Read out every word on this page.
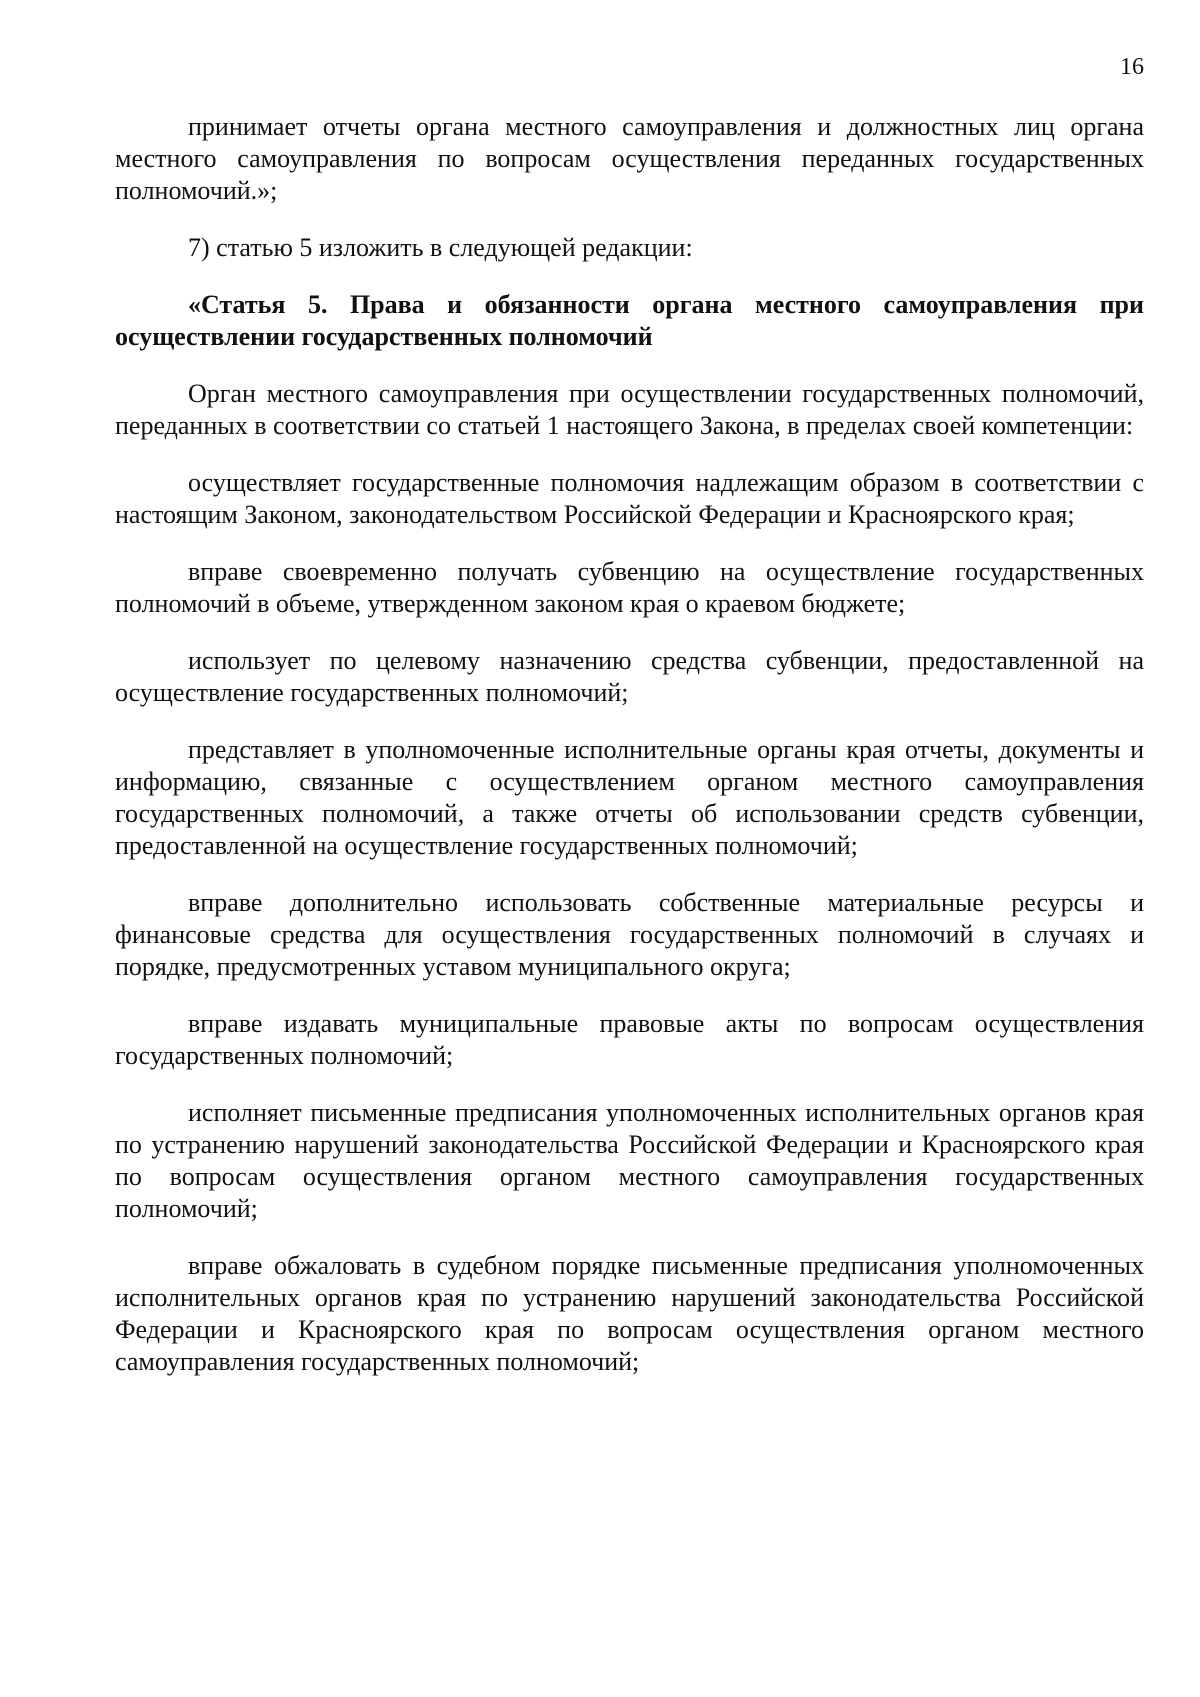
16

принимает отчеты органа местного самоуправления и должностных лиц органа местного самоуправления по вопросам осуществления переданных государственных полномочий.»;

7) статью 5 изложить в следующей редакции:

«Статья 5. Права и обязанности органа местного самоуправления при осуществлении государственных полномочий

Орган местного самоуправления при осуществлении государственных полномочий, переданных в соответствии со статьей 1 настоящего Закона, в пределах своей компетенции:

осуществляет государственные полномочия надлежащим образом в соответствии с настоящим Законом, законодательством Российской Федерации и Красноярского края;

вправе своевременно получать субвенцию на осуществление государственных полномочий в объеме, утвержденном законом края о краевом бюджете;

использует по целевому назначению средства субвенции, предоставленной на осуществление государственных полномочий;

представляет в уполномоченные исполнительные органы края отчеты, документы и информацию, связанные с осуществлением органом местного самоуправления государственных полномочий, а также отчеты об использовании средств субвенции, предоставленной на осуществление государственных полномочий;

вправе дополнительно использовать собственные материальные ресурсы и финансовые средства для осуществления государственных полномочий в случаях и порядке, предусмотренных уставом муниципального округа;

вправе издавать муниципальные правовые акты по вопросам осуществления государственных полномочий;

исполняет письменные предписания уполномоченных исполнительных органов края по устранению нарушений законодательства Российской Федерации и Красноярского края по вопросам осуществления органом местного самоуправления государственных полномочий;

вправе обжаловать в судебном порядке письменные предписания уполномоченных исполнительных органов края по устранению нарушений законодательства Российской Федерации и Красноярского края по вопросам осуществления органом местного самоуправления государственных полномочий;
